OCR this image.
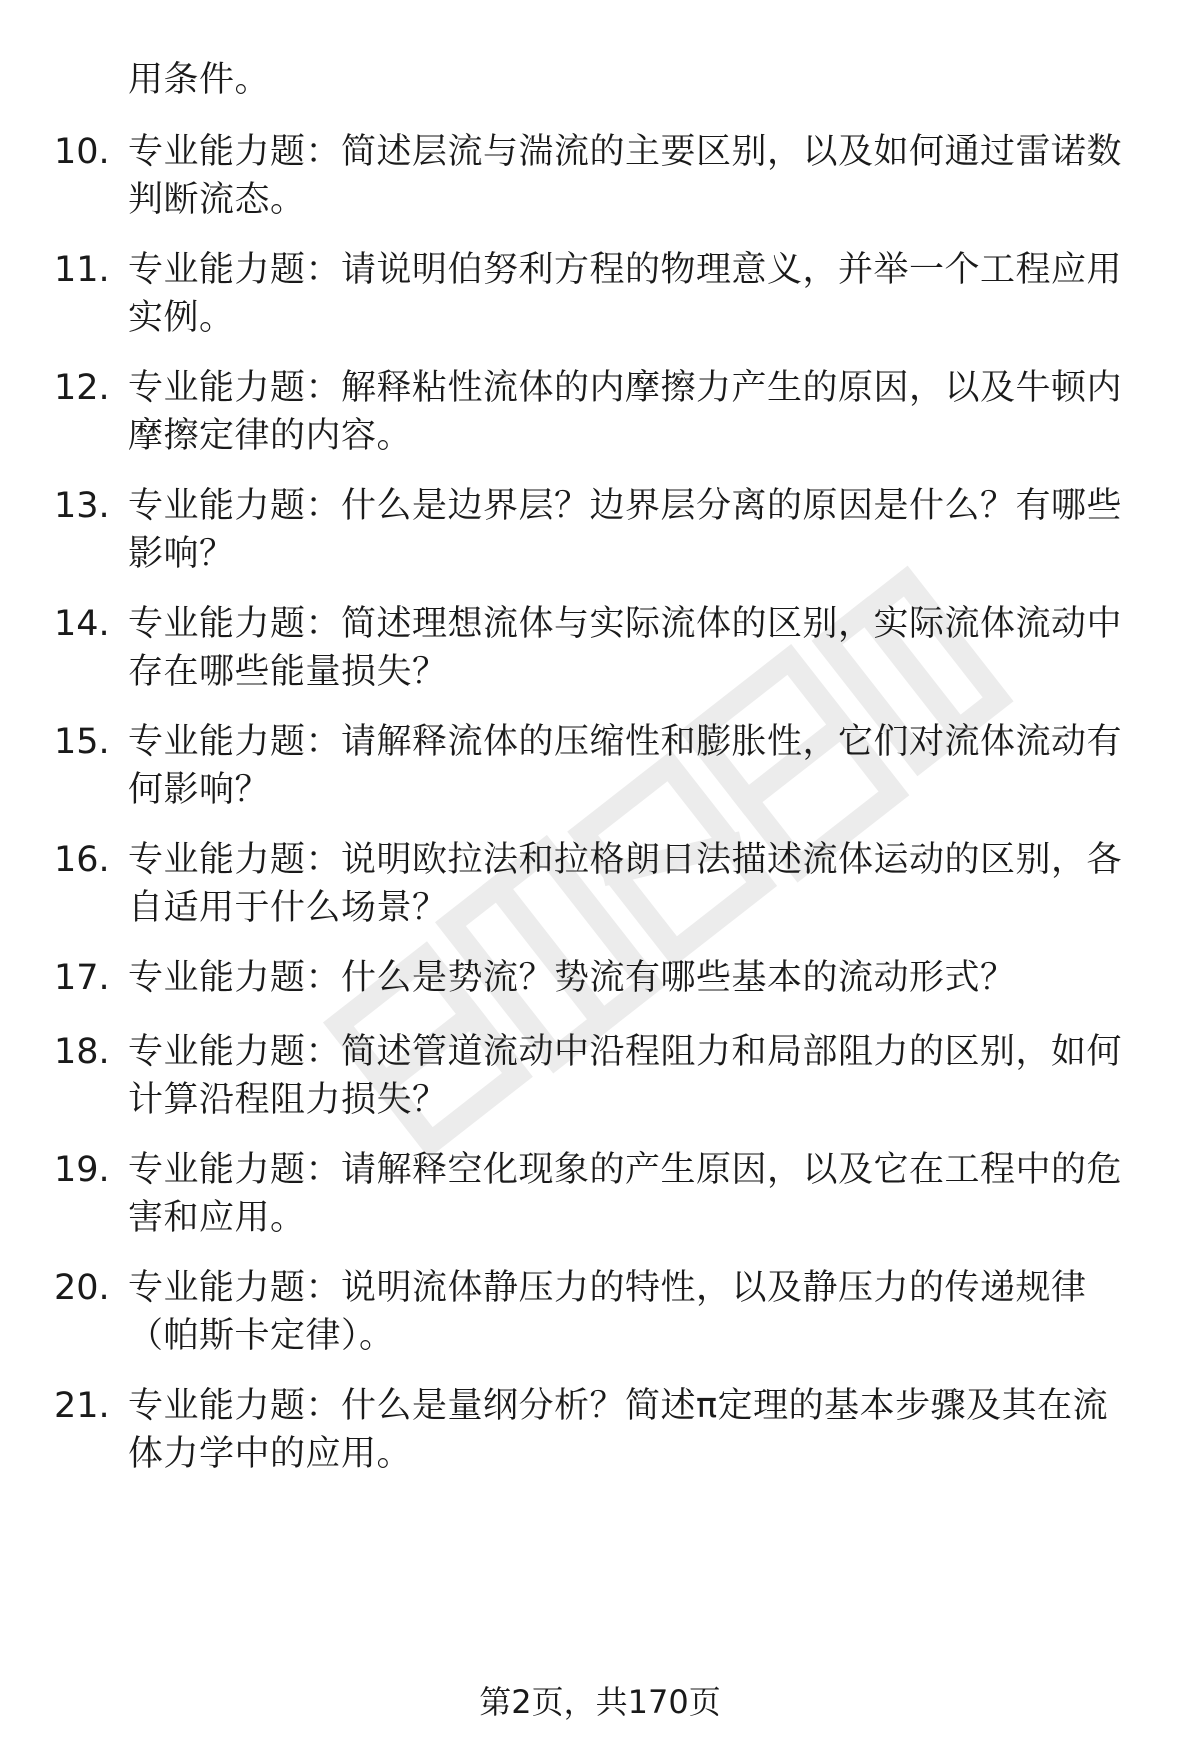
用条件。
10. 专业能力题：简述层流与湍流的主要区别，以及如何通过雷诺数
判断流态。
11. 专业能力题：请说明伯努利方程的物理意义，并举一个工程应用
实例。
12. 专业能力题：解释粘性流体的内摩擦力产生的原因，以及牛顿内
摩擦定律的内容。
13. 专业能力题：什么是边界层？边界层分离的原因是什么？有哪些
影响？
14. 专业能力题：简述理想流体与实际流体的区别，实际流体流动中
存在哪些能量损失？
15. 专业能力题：请解释流体的压缩性和膨胀性，它们对流体流动有
何影响？
16. 专业能力题：说明欧拉法和拉格朗日法描述流体运动的区别，各
自适用于什么场景？
17. 专业能力题：什么是势流？势流有哪些基本的流动形式？
18. 专业能力题：简述管道流动中沿程阻力和局部阻力的区别，如何
计算沿程阻力损失？
19. 专业能力题：请解释空化现象的产生原因，以及它在工程中的危
害和应用。
20. 专业能力题：说明流体静压力的特性，以及静压力的传递规律
（帕斯卡定律）。
21. 专业能力题：什么是量纲分析？简述π定理的基本步骤及其在流
体力学中的应用。
第2页，共170页
